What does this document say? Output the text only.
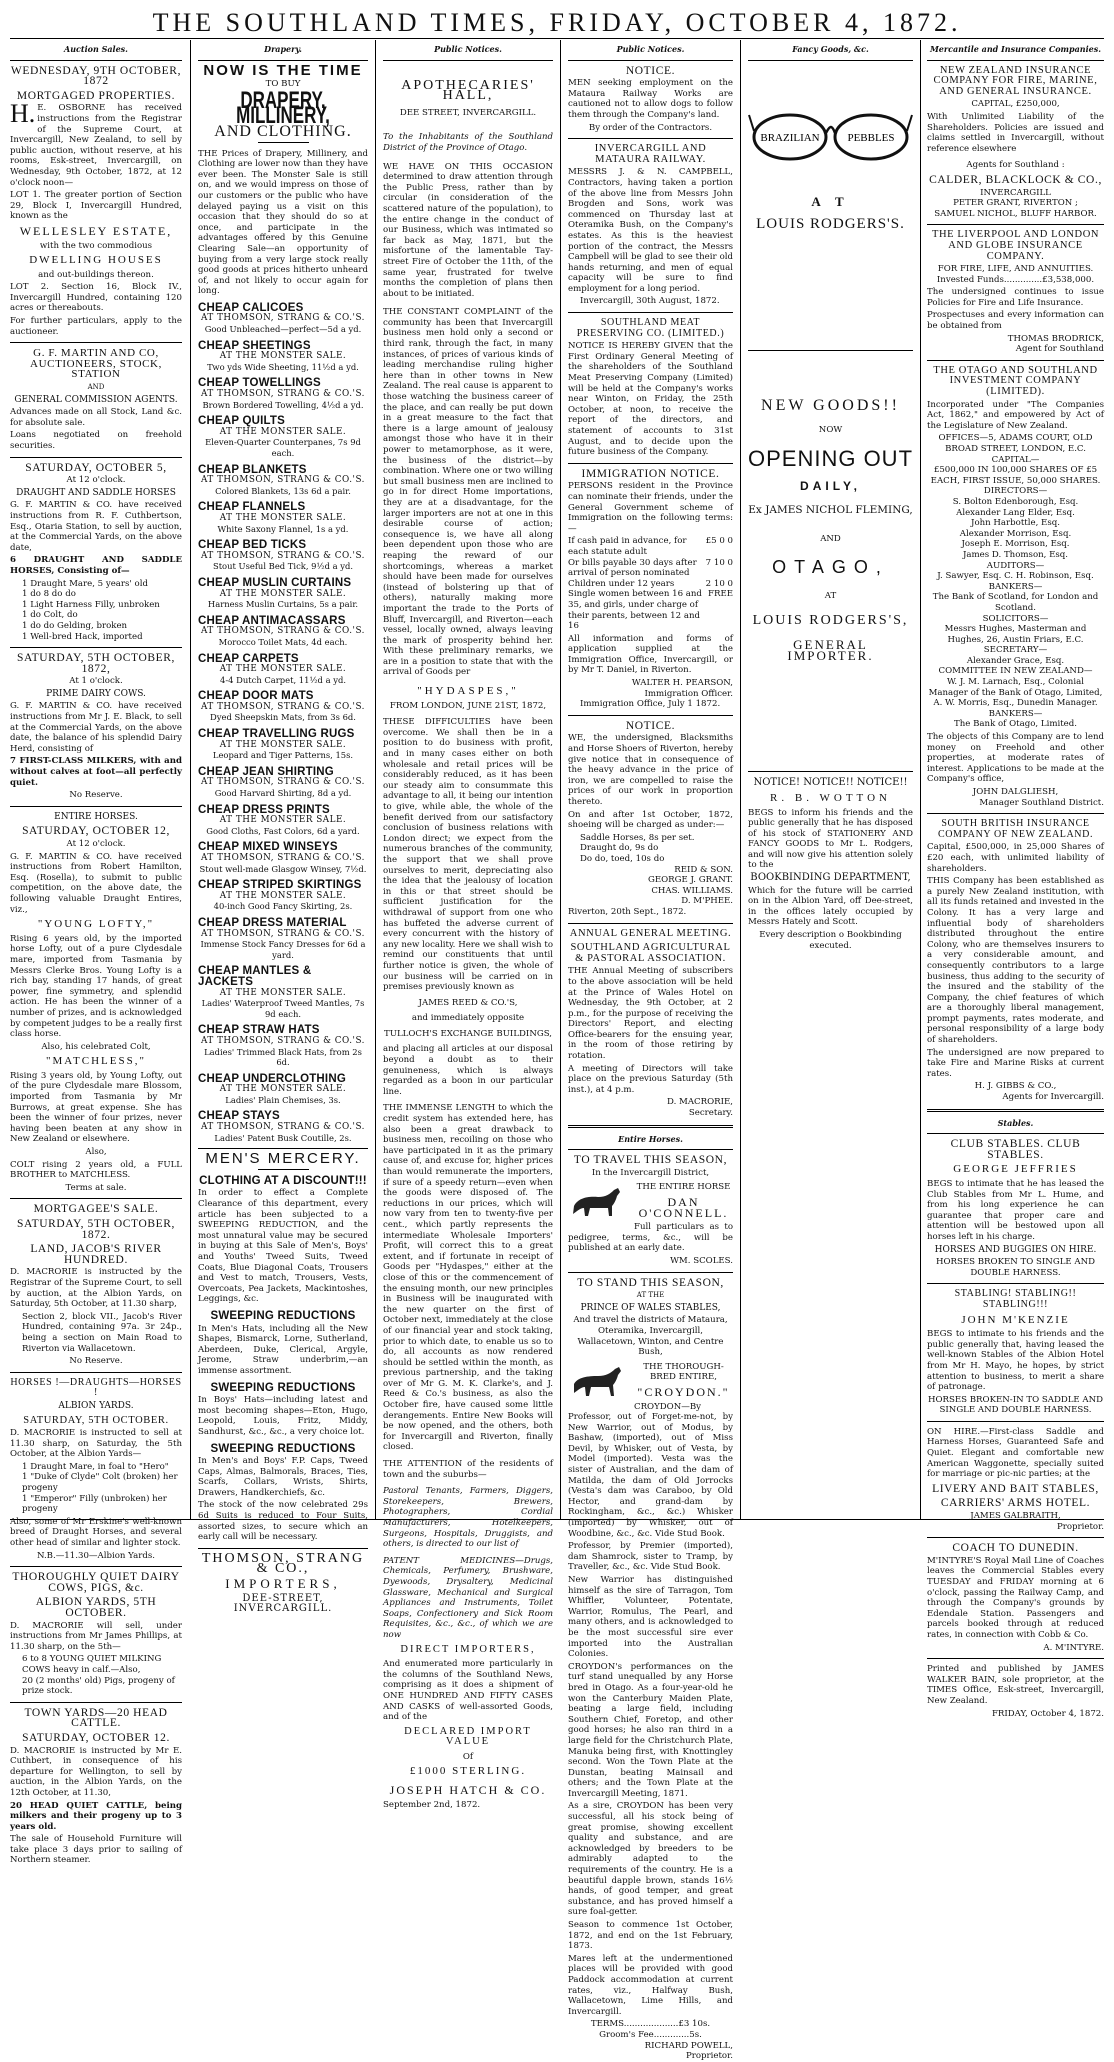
THE SOUTHLAND TIMES, FRIDAY, OCTOBER 4, 1872.
Auction Sales.
WEDNESDAY, 9TH OCTOBER, 1872
MORTGAGED PROPERTIES.
H. E. OSBORNE has received instructions from the Registrar of the Supreme Court, at Invercargill, New Zealand, to sell by public auction, without reserve, at his rooms, Esk-street, Invercargill, on Wednesday, 9th October, 1872, at 12 o'clock noon—
LOT 1. The greater portion of Section 29, Block I, Invercargill Hundred, known as the
WELLESLEY ESTATE,
with the two commodious
DWELLING HOUSES
and out-buildings thereon.
LOT 2. Section 16, Block IV., Invercargill Hundred, containing 120 acres or thereabouts.
For further particulars, apply to the auctioneer.
G. F. MARTIN AND CO, AUCTIONEERS, STOCK, STATION
AND
GENERAL COMMISSION AGENTS.
Advances made on all Stock, Land &c. for absolute sale.
Loans negotiated on freehold securities.
SATURDAY, OCTOBER 5,
At 12 o'clock.
DRAUGHT AND SADDLE HORSES
G. F. MARTIN & CO. have received instructions from R. F. Cuthbertson, Esq., Otaria Station, to sell by auction, at the Commercial Yards, on the above date,
6 DRAUGHT AND SADDLE HORSES, Consisting of—
1 Draught Mare, 5 years' old
1 do 8 do do
1 Light Harness Filly, unbroken
1 do Colt, do
1 do do Gelding, broken
1 Well-bred Hack, imported
SATURDAY, 5TH OCTOBER, 1872,
At 1 o'clock.
PRIME DAIRY COWS.
G. F. MARTIN & CO. have received instructions from Mr J. E. Black, to sell at the Commercial Yards, on the above date, the balance of his splendid Dairy Herd, consisting of
7 FIRST-CLASS MILKERS, with and without calves at foot—all perfectly quiet.
No Reserve.
ENTIRE HORSES.
SATURDAY, OCTOBER 12,
At 12 o'clock.
G. F. MARTIN & CO. have received instructions from Robert Hamilton, Esq. (Rosella), to submit to public competition, on the above date, the following valuable Draught Entires, viz.,
"YOUNG LOFTY,"
Rising 6 years old, by the imported horse Lofty, out of a pure Clydesdale mare, imported from Tasmania by Messrs Clerke Bros. Young Lofty is a rich bay, standing 17 hands, of great power, fine symmetry, and splendid action. He has been the winner of a number of prizes, and is acknowledged by competent judges to be a really first class horse.
Also, his celebrated Colt,
"MATCHLESS,"
Rising 3 years old, by Young Lofty, out of the pure Clydesdale mare Blossom, imported from Tasmania by Mr Burrows, at great expense. She has been the winner of four prizes, never having been beaten at any show in New Zealand or elsewhere.
Also,
COLT rising 2 years old, a FULL BROTHER to MATCHLESS.
Terms at sale.
MORTGAGEE'S SALE.
SATURDAY, 5TH OCTOBER, 1872.
LAND, JACOB'S RIVER HUNDRED.
D. MACRORIE is instructed by the Registrar of the Supreme Court, to sell by auction, at the Albion Yards, on Saturday, 5th October, at 11.30 sharp,
Section 2, block VII., Jacob's River Hundred, containing 97a. 3r 24p., being a section on Main Road to Riverton via Wallacetown.
No Reserve.
HORSES !—DRAUGHTS—HORSES !
ALBION YARDS.
SATURDAY, 5TH OCTOBER.
D. MACRORIE is instructed to sell at 11.30 sharp, on Saturday, the 5th October, at the Albion Yards—
1 Draught Mare, in foal to "Hero"
1 "Duke of Clyde" Colt (broken) her progeny
1 "Emperor" Filly (unbroken) her progeny
Also, some of Mr Erskine's well-known breed of Draught Horses, and several other head of similar and lighter stock.
N.B.—11.30—Albion Yards.
THOROUGHLY QUIET DAIRY COWS, PIGS, &c.
ALBION YARDS, 5TH OCTOBER.
D. MACRORIE will sell, under instructions from Mr James Phillips, at 11.30 sharp, on the 5th—
6 to 8 YOUNG QUIET MILKING COWS heavy in calf.—Also,
20 (2 months' old) Pigs, progeny of prize stock.
TOWN YARDS—20 HEAD CATTLE.
SATURDAY, OCTOBER 12.
D. MACRORIE is instructed by Mr E. Cuthbert, in consequence of his departure for Wellington, to sell by auction, in the Albion Yards, on the 12th October, at 11.30,
20 HEAD QUIET CATTLE, being milkers and their progeny up to 3 years old.
The sale of Household Furniture will take place 3 days prior to sailing of Northern steamer.
Drapery.
NOW IS THE TIME
TO BUY
DRAPERY, MILLINERY,
AND CLOTHING.
THE Prices of Drapery, Millinery, and Clothing are lower now than they have ever been. The Monster Sale is still on, and we would impress on those of our customers or the public who have delayed paying us a visit on this occasion that they should do so at once, and participate in the advantages offered by this Genuine Clearing Sale—an opportunity of buying from a very large stock really good goods at prices hitherto unheard of, and not likely to occur again for long.
CHEAP CALICOES
AT THOMSON, STRANG & CO.'S.
Good Unbleached—perfect—5d a yd.
CHEAP SHEETINGS
AT THE MONSTER SALE.
Two yds Wide Sheeting, 11½d a yd.
CHEAP TOWELLINGS
AT THOMSON, STRANG & CO.'S.
Brown Bordered Towelling, 4½d a yd.
CHEAP QUILTS
AT THE MONSTER SALE.
Eleven-Quarter Counterpanes, 7s 9d each.
CHEAP BLANKETS
AT THOMSON, STRANG & CO.'S.
Colored Blankets, 13s 6d a pair.
CHEAP FLANNELS
AT THE MONSTER SALE.
White Saxony Flannel, 1s a yd.
CHEAP BED TICKS
AT THOMSON, STRANG & CO.'S.
Stout Useful Bed Tick, 9½d a yd.
CHEAP MUSLIN CURTAINS
AT THE MONSTER SALE.
Harness Muslin Curtains, 5s a pair.
CHEAP ANTIMACASSARS
AT THOMSON, STRANG & CO.'S.
Morocco Toilet Mats, 4d each.
CHEAP CARPETS
AT THE MONSTER SALE.
4-4 Dutch Carpet, 11½d a yd.
CHEAP DOOR MATS
AT THOMSON, STRANG & CO.'S.
Dyed Sheepskin Mats, from 3s 6d.
CHEAP TRAVELLING RUGS
AT THE MONSTER SALE.
Leopard and Tiger Patterns, 15s.
CHEAP JEAN SHIRTING
AT THOMSON, STRANG & CO.'S.
Good Harvard Shirting, 8d a yd.
CHEAP DRESS PRINTS
AT THE MONSTER SALE.
Good Cloths, Fast Colors, 6d a yard.
CHEAP MIXED WINSEYS
AT THOMSON, STRANG & CO.'S.
Stout well-made Glasgow Winsey, 7½d.
CHEAP STRIPED SKIRTINGS
AT THE MONSTER SALE.
40-inch Good Fancy Skirting, 2s.
CHEAP DRESS MATERIAL
AT THOMSON, STRANG & CO.'S.
Immense Stock Fancy Dresses for 6d a yard.
CHEAP MANTLES & JACKETS
AT THE MONSTER SALE.
Ladies' Waterproof Tweed Mantles, 7s 9d each.
CHEAP STRAW HATS
AT THOMSON, STRANG & CO.'S.
Ladies' Trimmed Black Hats, from 2s 6d.
CHEAP UNDERCLOTHING
AT THE MONSTER SALE.
Ladies' Plain Chemises, 3s.
CHEAP STAYS
AT THOMSON, STRANG & CO.'S.
Ladies' Patent Busk Coutille, 2s.
MEN'S MERCERY.
CLOTHING AT A DISCOUNT!!!
In order to effect a Complete Clearance of this department, every article has been subjected to a SWEEPING REDUCTION, and the most unnatural value may be secured in buying at this Sale of Men's, Boys' and Youths' Tweed Suits, Tweed Coats, Blue Diagonal Coats, Trousers and Vest to match, Trousers, Vests, Overcoats, Pea Jackets, Mackintoshes, Leggings, &c.
SWEEPING REDUCTIONS
In Men's Hats, including all the New Shapes, Bismarck, Lorne, Sutherland, Aberdeen, Duke, Clerical, Argyle, Jerome, Straw underbrim,—an immense assortment.
SWEEPING REDUCTIONS
In Boys' Hats—including latest and most becoming shapes—Eton, Hugo, Leopold, Louis, Fritz, Middy, Sandhurst, &c., &c., a very choice lot.
SWEEPING REDUCTIONS
In Men's and Boys' F.P. Caps, Tweed Caps, Almas, Balmorals, Braces, Ties, Scarfs, Collars, Wrists, Shirts, Drawers, Handkerchiefs, &c.
The stock of the now celebrated 29s 6d Suits is reduced to Four Suits, assorted sizes, to secure which an early call will be necessary.
THOMSON, STRANG & CO.,
IMPORTERS,
DEE-STREET, INVERCARGILL.
Public Notices.
APOTHECARIES' HALL,
DEE STREET, INVERCARGILL.
To the Inhabitants of the Southland District of the Province of Otago.
WE HAVE ON THIS OCCASION determined to draw attention through the Public Press, rather than by circular (in consideration of the scattered nature of the population), to the entire change in the conduct of our Business, which was intimated so far back as May, 1871, but the misfortune of the lamentable Tay-street Fire of October the 11th, of the same year, frustrated for twelve months the completion of plans then about to be initiated.
THE CONSTANT COMPLAINT of the community has been that Invercargill business men hold only a second or third rank, through the fact, in many instances, of prices of various kinds of leading merchandise ruling higher here than in other towns in New Zealand. The real cause is apparent to those watching the business career of the place, and can really be put down in a great measure to the fact that there is a large amount of jealousy amongst those who have it in their power to metamorphose, as it were, the business of the district—by combination. Where one or two willing but small business men are inclined to go in for direct Home importations, they are at a disadvantage, for the larger importers are not at one in this desirable course of action; consequence is, we have all along been dependent upon those who are reaping the reward of our shortcomings, whereas a market should have been made for ourselves (instead of bolstering up that of others), naturally making more important the trade to the Ports of Bluff, Invercargill, and Riverton—each vessel, locally owned, always leaving the mark of prosperity behind her. With these preliminary remarks, we are in a position to state that with the arrival of Goods per
"HYDASPES,"
FROM LONDON, JUNE 21ST, 1872,
THESE DIFFICULTIES have been overcome. We shall then be in a position to do business with profit, and in many cases either on both wholesale and retail prices will be considerably reduced, as it has been our steady aim to consummate this advantage to all, it being our intention to give, while able, the whole of the benefit derived from our satisfactory conclusion of business relations with London direct; we expect from the numerous branches of the community, the support that we shall prove ourselves to merit, depreciating also the idea that the jealousy of location in this or that street should be sufficient justification for the withdrawal of support from one who has buffeted the adverse current of every concurrent with the history of any new locality. Here we shall wish to remind our constituents that until further notice is given, the whole of our business will be carried on in premises previously known as
JAMES REED & CO.'S,
and immediately opposite
TULLOCH'S EXCHANGE BUILDINGS,
and placing all articles at our disposal beyond a doubt as to their genuineness, which is always regarded as a boon in our particular line.
THE IMMENSE LENGTH to which the credit system has extended here, has also been a great drawback to business men, recoiling on those who have participated in it as the primary cause of, and excuse for, higher prices than would remunerate the importers, if sure of a speedy return—even when the goods were disposed of. The reductions in our prices, which will now vary from ten to twenty-five per cent., which partly represents the intermediate Wholesale Importers' Profit, will correct this to a great extent, and if fortunate in receipt of Goods per "Hydaspes," either at the close of this or the commencement of the ensuing month, our new principles in Business will be inaugurated with the new quarter on the first of October next, immediately at the close of our financial year and stock taking, prior to which date, to enable us so to do, all accounts as now rendered should be settled within the month, as previous partnership, and the taking over of Mr G. M. K. Clarke's, and J. Reed & Co.'s business, as also the October fire, have caused some little derangements. Entire New Books will be now opened, and the others, both for Invercargill and Riverton, finally closed.
THE ATTENTION of the residents of town and the suburbs—
Pastoral Tenants, Farmers, Diggers, Storekeepers, Brewers, Photographers, Cordial Manufacturers, Hotelkeepers, Surgeons, Hospitals, Druggists, and others, is directed to our list of
PATENT MEDICINES—Drugs, Chemicals, Perfumery, Brushware, Dyewoods, Drysaltery, Medicinal Glassware, Mechanical and Surgical Appliances and Instruments, Toilet Soaps, Confectionery and Sick Room Requisites, &c., &c., of which we are now
DIRECT IMPORTERS,
And enumerated more particularly in the columns of the Southland News, comprising as it does a shipment of ONE HUNDRED AND FIFTY CASES AND CASKS of well-assorted Goods, and of the
DECLARED IMPORT VALUE
Of
£1000 STERLING.
JOSEPH HATCH & CO.
September 2nd, 1872.
Public Notices.
NOTICE.
MEN seeking employment on the Mataura Railway Works are cautioned not to allow dogs to follow them through the Company's land.
By order of the Contractors.
INVERCARGILL AND MATAURA RAILWAY.
MESSRS J. & N. CAMPBELL, Contractors, having taken a portion of the above line from Messrs John Brogden and Sons, work was commenced on Thursday last at Oteramika Bush, on the Company's estates. As this is the heaviest portion of the contract, the Messrs Campbell will be glad to see their old hands returning, and men of equal capacity will be sure to find employment for a long period.
Invercargill, 30th August, 1872.
SOUTHLAND MEAT PRESERVING CO. (LIMITED.)
NOTICE IS HEREBY GIVEN that the First Ordinary General Meeting of the shareholders of the Southland Meat Preserving Company (Limited) will be held at the Company's works near Winton, on Friday, the 25th October, at noon, to receive the report of the directors, and statement of accounts to 31st August, and to decide upon the future business of the Company.
IMMIGRATION NOTICE.
PERSONS resident in the Province can nominate their friends, under the General Government scheme of Immigration on the following terms:—
If cash paid in advance, for each statute adult
£5 0 0
Or bills payable 30 days after arrival of person nominated
7 10 0
Children under 12 years	2 10 0
Single women between 16 and 35, and girls, under charge of their parents, between 12 and 16
FREE
All information and forms of application supplied at the Immigration Office, Invercargill, or by Mr T. Daniel, in Riverton.
WALTER H. PEARSON,
Immigration Officer.
Immigration Office, July 1 1872.
NOTICE.
WE, the undersigned, Blacksmiths and Horse Shoers of Riverton, hereby give notice that in consequence of the heavy advance in the price of iron, we are compelled to raise the prices of our work in proportion thereto.
On and after 1st October, 1872, shoeing will be charged as under:—
Saddle Horses, 8s per set.
Draught do, 9s do
Do do, toed, 10s do
REID & SON.
GEORGE J. GRANT.
CHAS. WILLIAMS.
D. M'PHEE.
Riverton, 20th Sept., 1872.
ANNUAL GENERAL MEETING.
SOUTHLAND AGRICULTURAL & PASTORAL ASSOCIATION.
THE Annual Meeting of subscribers to the above association will be held at the Prince of Wales Hotel on Wednesday, the 9th October, at 2 p.m., for the purpose of receiving the Directors' Report, and electing Office-bearers for the ensuing year, in the room of those retiring by rotation.
A meeting of Directors will take place on the previous Saturday (5th inst.), at 4 p.m.
D. MACRORIE,
Secretary.
Entire Horses.
TO TRAVEL THIS SEASON,
In the Invercargill District,
THE ENTIRE HORSE
DAN O'CONNELL.
Full particulars as to pedigree, terms, &c., will be published at an early date.
WM. SCOLES.
TO STAND THIS SEASON,
AT THE
PRINCE OF WALES STABLES,
And travel the districts of Mataura, Oteramika, Invercargill, Wallacetown, Winton, and Centre Bush,
THE THOROUGH-BRED ENTIRE,
"CROYDON."
CROYDON—By Professor, out of Forget-me-not, by New Warrior, out of Modus, by Bashaw, (imported), out of Miss Devil, by Whisker, out of Vesta, by Model (imported). Vesta was the sister of Australian, and the dam of Matilda, the dam of Old Jorrocks (Vesta's dam was Caraboo, by Old Hector, and grand-dam by Rockingham, &c., &c.) Whisker (imported) by Whisker, out of Woodbine, &c., &c. Vide Stud Book.
Professor, by Premier (imported), dam Shamrock, sister to Tramp, by Traveller, &c., &c. Vide Stud Book.
New Warrior has distinguished himself as the sire of Tarragon, Tom Whiffler, Volunteer, Potentate, Warrior, Romulus, The Pearl, and many others, and is acknowledged to be the most successful sire ever imported into the Australian Colonies.
CROYDON's performances on the turf stand unequalled by any Horse bred in Otago. As a four-year-old he won the Canterbury Maiden Plate, beating a large field, including Southern Chief, Foretop, and other good horses; he also ran third in a large field for the Christchurch Plate, Manuka being first, with Knottingley second. Won the Town Plate at the Dunstan, beating Mainsail and others; and the Town Plate at the Invercargill Meeting, 1871.
As a sire, CROYDON has been very successful, all his stock being of great promise, showing excellent quality and substance, and are acknowledged by breeders to be admirably adapted to the requirements of the country. He is a beautiful dapple brown, stands 16½ hands, of good temper, and great substance, and has proved himself a sure foal-getter.
Season to commence 1st October, 1872, and end on the 1st February, 1873.
Mares left at the undermentioned places will be provided with good Paddock accommodation at current rates, viz., Halfway Bush, Wallacetown, Lime Hills, and Invercargill.
TERMS....................£3 10s.
Groom's Fee.............5s.
RICHARD POWELL,
Proprietor.
Fancy Goods, &c.
BRAZILIAN	PEBBLES
A T
LOUIS RODGERS'S.
NEW GOODS!!
NOW
OPENING OUT
DAILY,
Ex JAMES NICHOL FLEMING,
AND
OTAGO,
AT
LOUIS RODGERS'S,
GENERAL IMPORTER.
NOTICE! NOTICE!! NOTICE!!
R. B. WOTTON
BEGS to inform his friends and the public generally that he has disposed of his stock of STATIONERY AND FANCY GOODS to Mr L. Rodgers, and will now give his attention solely to the
BOOKBINDING DEPARTMENT,
Which for the future will be carried on in the Albion Yard, off Dee-street, in the offices lately occupied by Messrs Hately and Scott.
Every description o Bookbinding executed.
Mercantile and Insurance Companies.
NEW ZEALAND INSURANCE COMPANY FOR FIRE, MARINE, AND GENERAL INSURANCE.
CAPITAL, £250,000,
With Unlimited Liability of the Shareholders. Policies are issued and claims settled in Invercargill, without reference elsewhere
Agents for Southland :
CALDER, BLACKLOCK & CO.,
INVERCARGILL
PETER GRANT, RIVERTON ;
SAMUEL NICHOL, BLUFF HARBOR.
THE LIVERPOOL AND LONDON AND GLOBE INSURANCE COMPANY.
FOR FIRE, LIFE, AND ANNUITIES.
Invested Funds..............£3,538,000.
The undersigned continues to issue Policies for Fire and Life Insurance.
Prospectuses and every information can be obtained from
THOMAS BRODRICK,
Agent for Southland
THE OTAGO AND SOUTHLAND INVESTMENT COMPANY (LIMITED).
Incorporated under "The Companies Act, 1862," and empowered by Act of the Legislature of New Zealand.
OFFICES—5, ADAMS COURT, OLD BROAD STREET, LONDON, E.C.
CAPITAL—
£500,000 IN 100,000 SHARES OF £5 EACH, FIRST ISSUE, 50,000 SHARES.
DIRECTORS—
S. Bolton Edenborough, Esq.
Alexander Lang Elder, Esq.
John Harbottle, Esq.
Alexander Morrison, Esq.
Joseph E. Morrison, Esq.
James D. Thomson, Esq.
AUDITORS—
J. Sawyer, Esq. C. H. Robinson, Esq.
BANKERS—
The Bank of Scotland, for London and Scotland.
SOLICITORS—
Messrs Hughes, Masterman and Hughes, 26, Austin Friars, E.C.
SECRETARY—
Alexander Grace, Esq.
COMMITTEE IN NEW ZEALAND—
W. J. M. Larnach, Esq., Colonial Manager of the Bank of Otago, Limited, A. W. Morris, Esq., Dunedin Manager.
BANKERS—
The Bank of Otago, Limited.
The objects of this Company are to lend money on Freehold and other properties, at moderate rates of interest. Applications to be made at the Company's office,
JOHN DALGLIESH,
Manager Southland District.
SOUTH BRITISH INSURANCE COMPANY OF NEW ZEALAND.
Capital, £500,000, in 25,000 Shares of £20 each, with unlimited liability of shareholders.
THIS Company has been established as a purely New Zealand institution, with all its funds retained and invested in the Colony. It has a very large and influential body of shareholders distributed throughout the entire Colony, who are themselves insurers to a very considerable amount, and consequently contributors to a large business, thus adding to the security of the insured and the stability of the Company, the chief features of which are a thoroughly liberal management, prompt payments, rates moderate, and personal responsibility of a large body of shareholders.
The undersigned are now prepared to take Fire and Marine Risks at current rates.
H. J. GIBBS & CO.,
Agents for Invercargill.
Stables.
CLUB STABLES. CLUB STABLES.
GEORGE JEFFRIES
BEGS to intimate that he has leased the Club Stables from Mr L. Hume, and from his long experience he can guarantee that proper care and attention will be bestowed upon all horses left in his charge.
HORSES AND BUGGIES ON HIRE.
HORSES BROKEN TO SINGLE AND DOUBLE HARNESS.
STABLING! STABLING!! STABLING!!!
JOHN M'KENZIE
BEGS to intimate to his friends and the public generally that, having leased the well-known Stables of the Albion Hotel from Mr H. Mayo, he hopes, by strict attention to business, to merit a share of patronage.
HORSES BROKEN-IN TO SADDLE AND SINGLE AND DOUBLE HARNESS.
ON HIRE.—First-class Saddle and Harness Horses, Guaranteed Safe and Quiet. Elegant and comfortable new American Waggonette, specially suited for marriage or pic-nic parties; at the
LIVERY AND BAIT STABLES,
CARRIERS' ARMS HOTEL.
JAMES GALBRAITH,
Proprietor.
COACH TO DUNEDIN.
M'INTYRE'S Royal Mail Line of Coaches leaves the Commercial Stables every TUESDAY and FRIDAY morning at 6 o'clock, passing the Railway Camp, and through the Company's grounds by Edendale Station. Passengers and parcels booked through at reduced rates, in connection with Cobb & Co.
A. M'INTYRE.
Printed and published by JAMES WALKER BAIN, sole proprietor, at the TIMES Office, Esk-street, Invercargill, New Zealand.
FRIDAY, October 4, 1872.
